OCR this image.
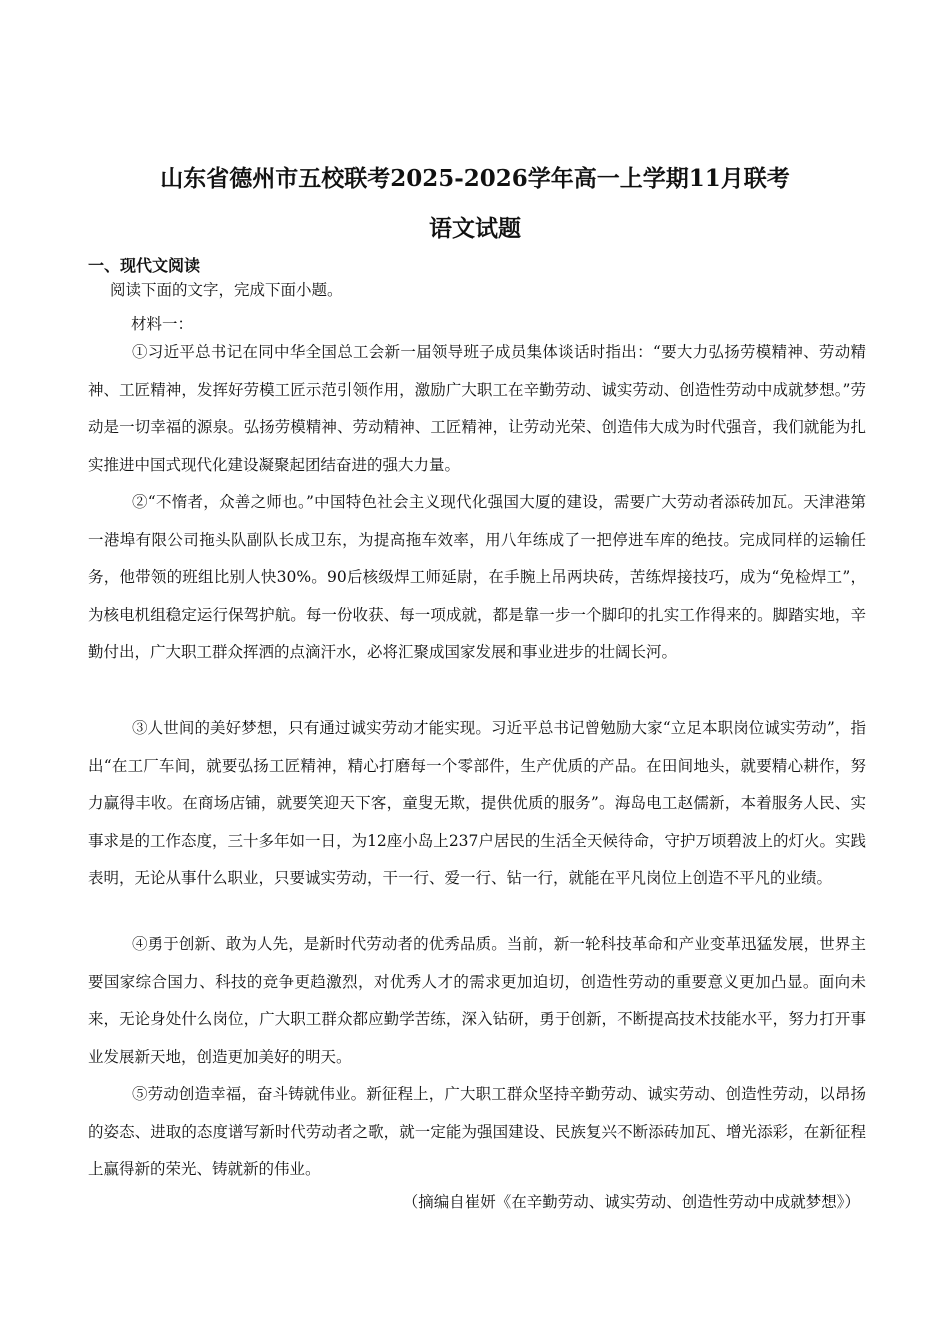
山东省德州市五校联考2025-2026学年高一上学期11月联考
语文试题
一、现代文阅读
阅读下面的文字，完成下面小题。
材料一：

①习近平总书记在同中华全国总工会新一届领导班子成员集体谈话时指出：“要大力弘扬劳模精神、劳动精神、工匠精神，发挥好劳模工匠示范引领作用，激励广大职工在辛勤劳动、诚实劳动、创造性劳动中成就梦想。”劳动是一切幸福的源泉。弘扬劳模精神、劳动精神、工匠精神，让劳动光荣、创造伟大成为时代强音，我们就能为扎实推进中国式现代化建设凝聚起团结奋进的强大力量。

②“不惰者，众善之师也。”中国特色社会主义现代化强国大厦的建设，需要广大劳动者添砖加瓦。天津港第一港埠有限公司拖头队副队长成卫东，为提高拖车效率，用八年练成了一把停进车库的绝技。完成同样的运输任务，他带领的班组比别人快30%。90后核级焊工师延尉，在手腕上吊两块砖，苦练焊接技巧，成为“免检焊工”，为核电机组稳定运行保驾护航。每一份收获、每一项成就，都是靠一步一个脚印的扎实工作得来的。脚踏实地，辛勤付出，广大职工群众挥洒的点滴汗水，必将汇聚成国家发展和事业进步的壮阔长河。

③人世间的美好梦想，只有通过诚实劳动才能实现。习近平总书记曾勉励大家“立足本职岗位诚实劳动”，指出“在工厂车间，就要弘扬工匠精神，精心打磨每一个零部件，生产优质的产品。在田间地头，就要精心耕作，努力赢得丰收。在商场店铺，就要笑迎天下客，童叟无欺，提供优质的服务”。海岛电工赵儒新，本着服务人民、实事求是的工作态度，三十多年如一日，为12座小岛上237户居民的生活全天候待命，守护万顷碧波上的灯火。实践表明，无论从事什么职业，只要诚实劳动，干一行、爱一行、钻一行，就能在平凡岗位上创造不平凡的业绩。

④勇于创新、敢为人先，是新时代劳动者的优秀品质。当前，新一轮科技革命和产业变革迅猛发展，世界主要国家综合国力、科技的竞争更趋激烈，对优秀人才的需求更加迫切，创造性劳动的重要意义更加凸显。面向未来，无论身处什么岗位，广大职工群众都应勤学苦练，深入钻研，勇于创新，不断提高技术技能水平，努力打开事业发展新天地，创造更加美好的明天。

⑤劳动创造幸福，奋斗铸就伟业。新征程上，广大职工群众坚持辛勤劳动、诚实劳动、创造性劳动，以昂扬的姿态、进取的态度谱写新时代劳动者之歌，就一定能为强国建设、民族复兴不断添砖加瓦、增光添彩，在新征程上赢得新的荣光、铸就新的伟业。

（摘编自崔妍《在辛勤劳动、诚实劳动、创造性劳动中成就梦想》）
